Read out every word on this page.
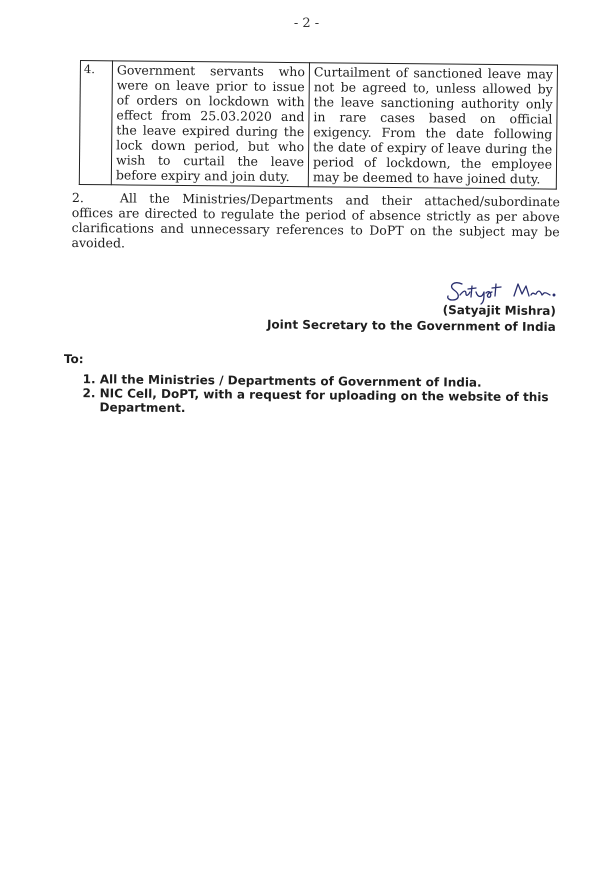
- 2 -
4.	Government servants who were on leave prior to issue of orders on lockdown with effect from 25.03.2020 and the leave expired during the lock down period, but who wish to curtail the leave before expiry and join duty.	Curtailment of sanctioned leave may not be agreed to, unless allowed by the leave sanctioning authority only in rare cases based on official exigency. From the date following the date of expiry of leave during the period of lockdown, the employee may be deemed to have joined duty.
2.	All the Ministries/Departments and their attached/subordinate offices are directed to regulate the period of absence strictly as per above clarifications and unnecessary references to DoPT on the subject may be avoided.
(Satyajit Mishra)
Joint Secretary to the Government of India
To:
1. All the Ministries / Departments of Government of India.
2. NIC Cell, DoPT, with a request for uploading on the website of this Department.
